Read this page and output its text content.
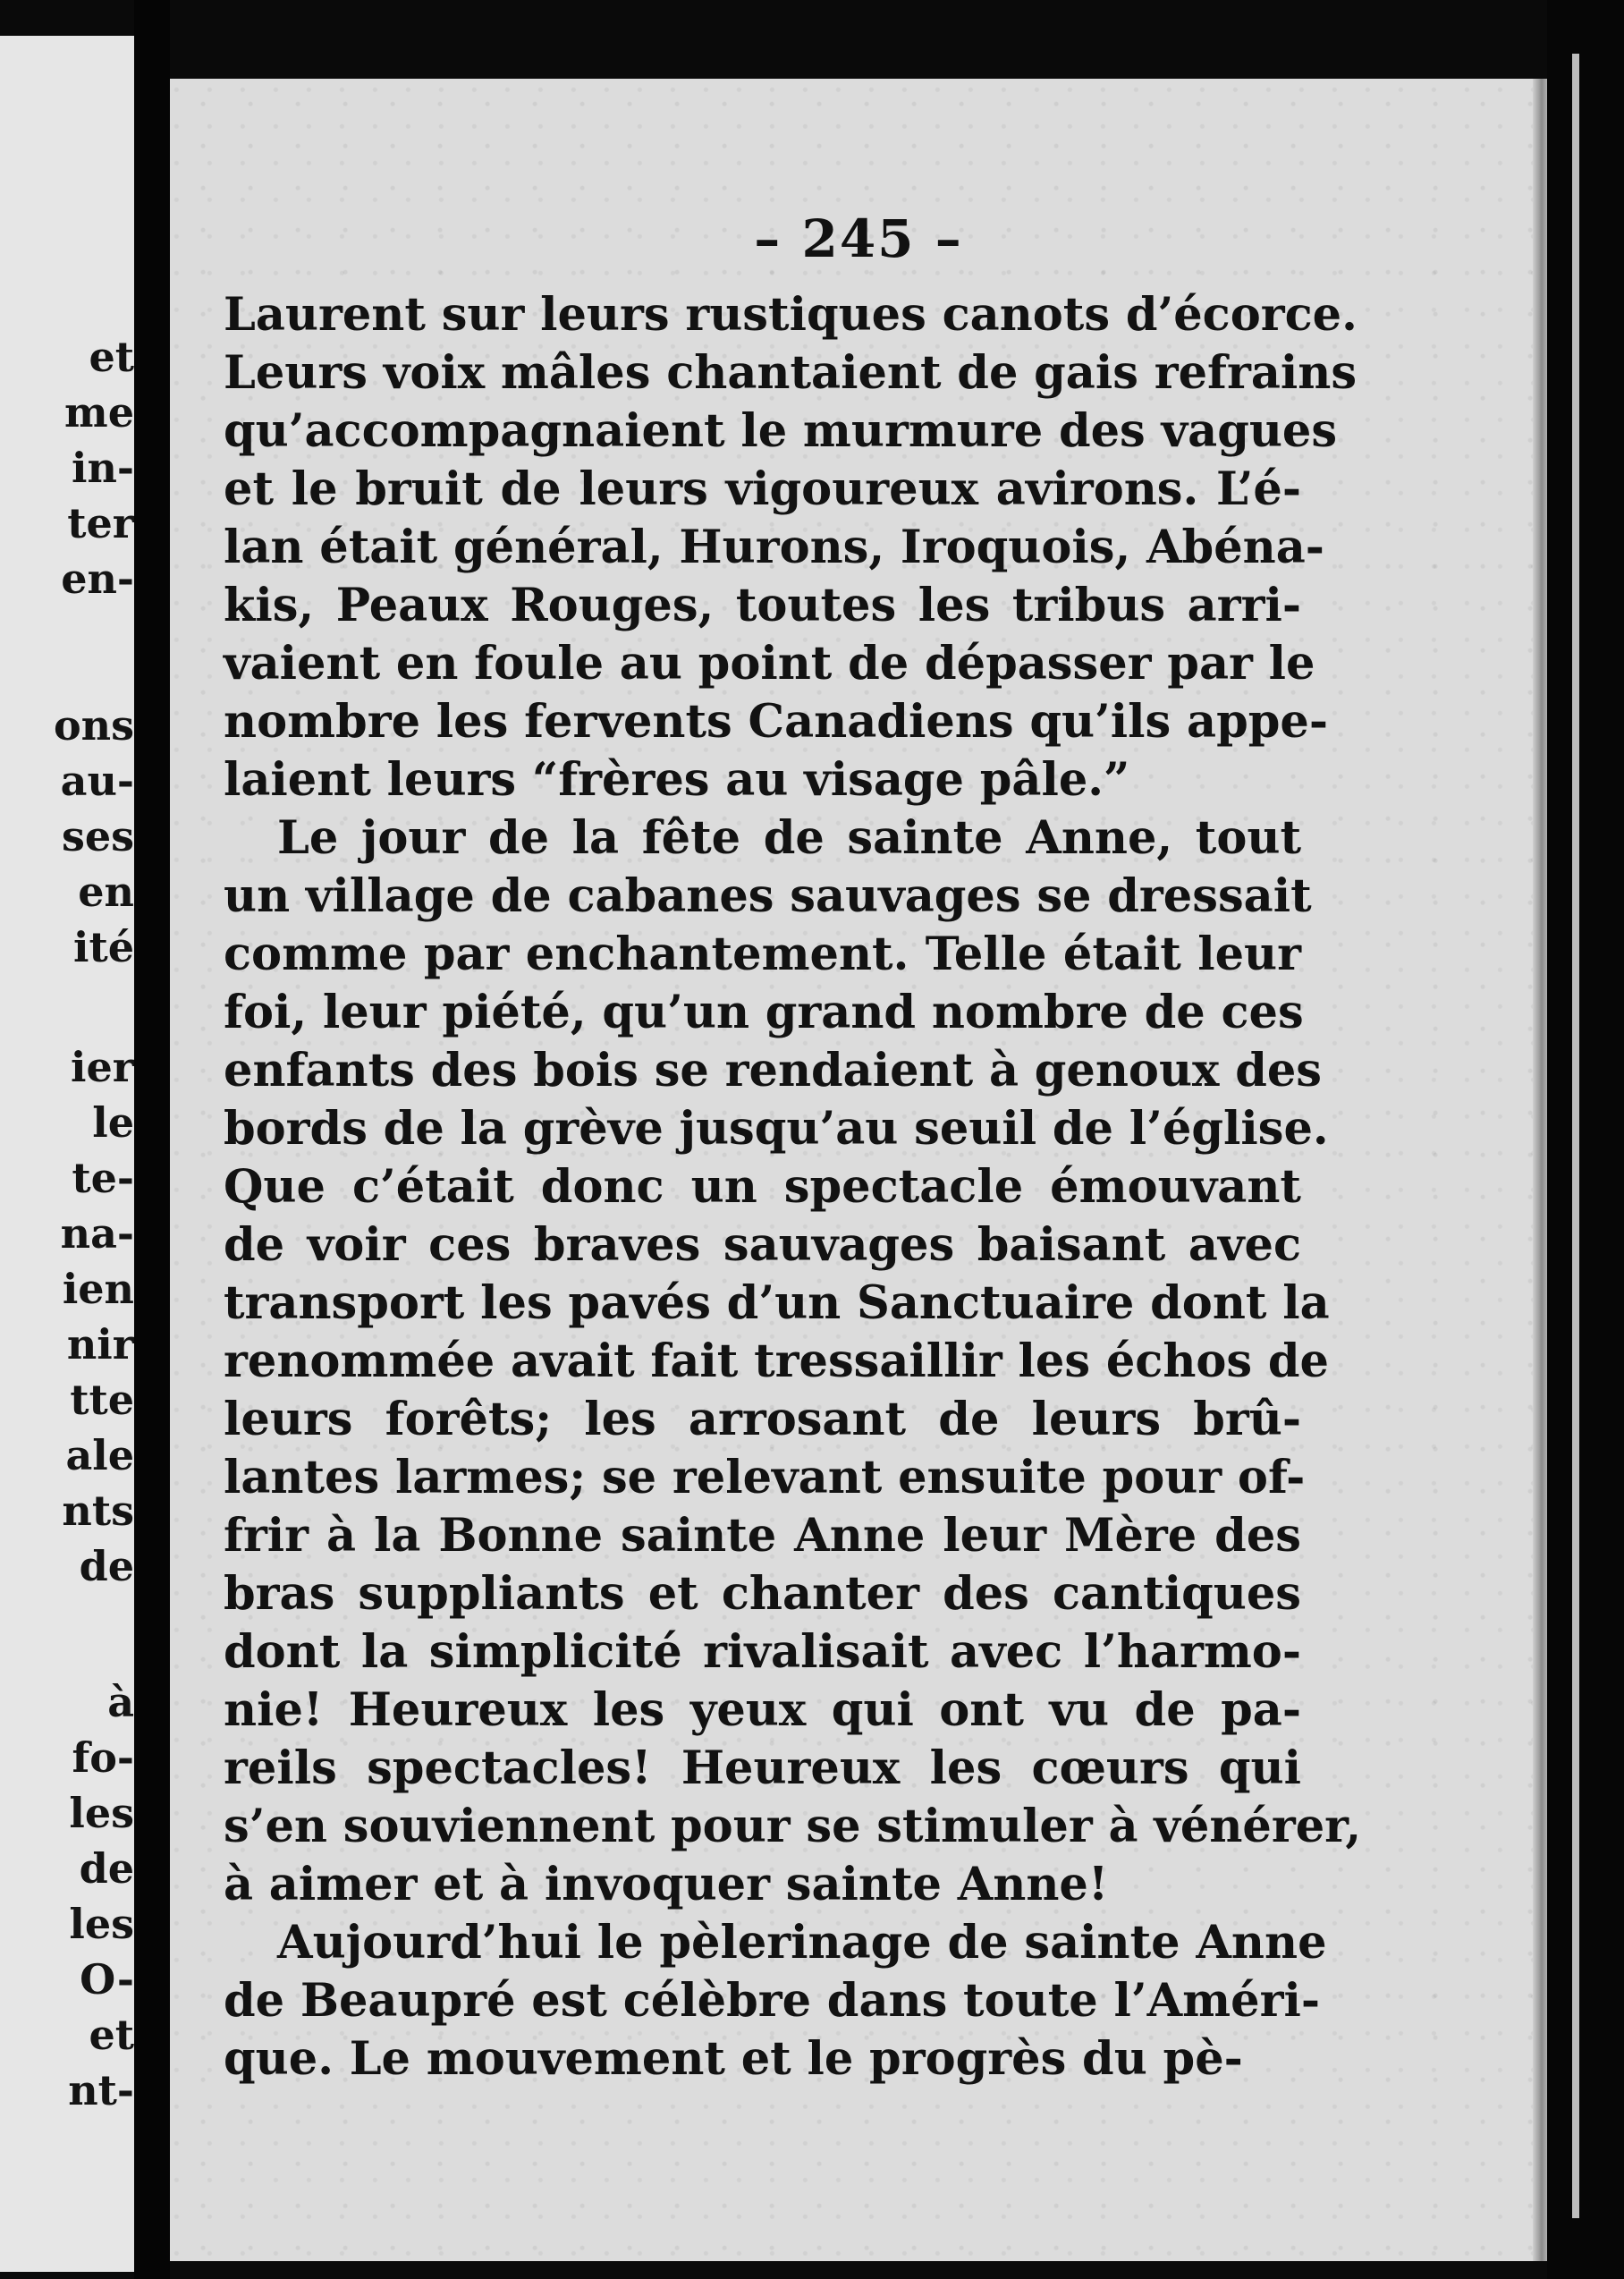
et
me
in-
ter
en-
ons
au-
ses
en
ité
ier
le
te-
na-
ien
nir
tte
ale
nts
de
à
fo-
les
de
les
O-
et
nt-
– 245 –
Laurent sur leurs rustiques canots d’écorce.
Leurs voix mâles chantaient de gais refrains
qu’accompagnaient le murmure des vagues
et le bruit de leurs vigoureux avirons. L’é-
lan était général, Hurons, Iroquois, Abéna-
kis, Peaux Rouges, toutes les tribus arri-
vaient en foule au point de dépasser par le
nombre les fervents Canadiens qu’ils appe-
laient leurs “frères au visage pâle.”
Le jour de la fête de sainte Anne, tout
un village de cabanes sauvages se dressait
comme par enchantement. Telle était leur
foi, leur piété, qu’un grand nombre de ces
enfants des bois se rendaient à genoux des
bords de la grève jusqu’au seuil de l’église.
Que c’était donc un spectacle émouvant
de voir ces braves sauvages baisant avec
transport les pavés d’un Sanctuaire dont la
renommée avait fait tressaillir les échos de
leurs forêts; les arrosant de leurs brû-
lantes larmes; se relevant ensuite pour of-
frir à la Bonne sainte Anne leur Mère des
bras suppliants et chanter des cantiques
dont la simplicité rivalisait avec l’harmo-
nie! Heureux les yeux qui ont vu de pa-
reils spectacles! Heureux les cœurs qui
s’en souviennent pour se stimuler à vénérer,
à aimer et à invoquer sainte Anne!
Aujourd’hui le pèlerinage de sainte Anne
de Beaupré est célèbre dans toute l’Améri-
que. Le mouvement et le progrès du pè-
